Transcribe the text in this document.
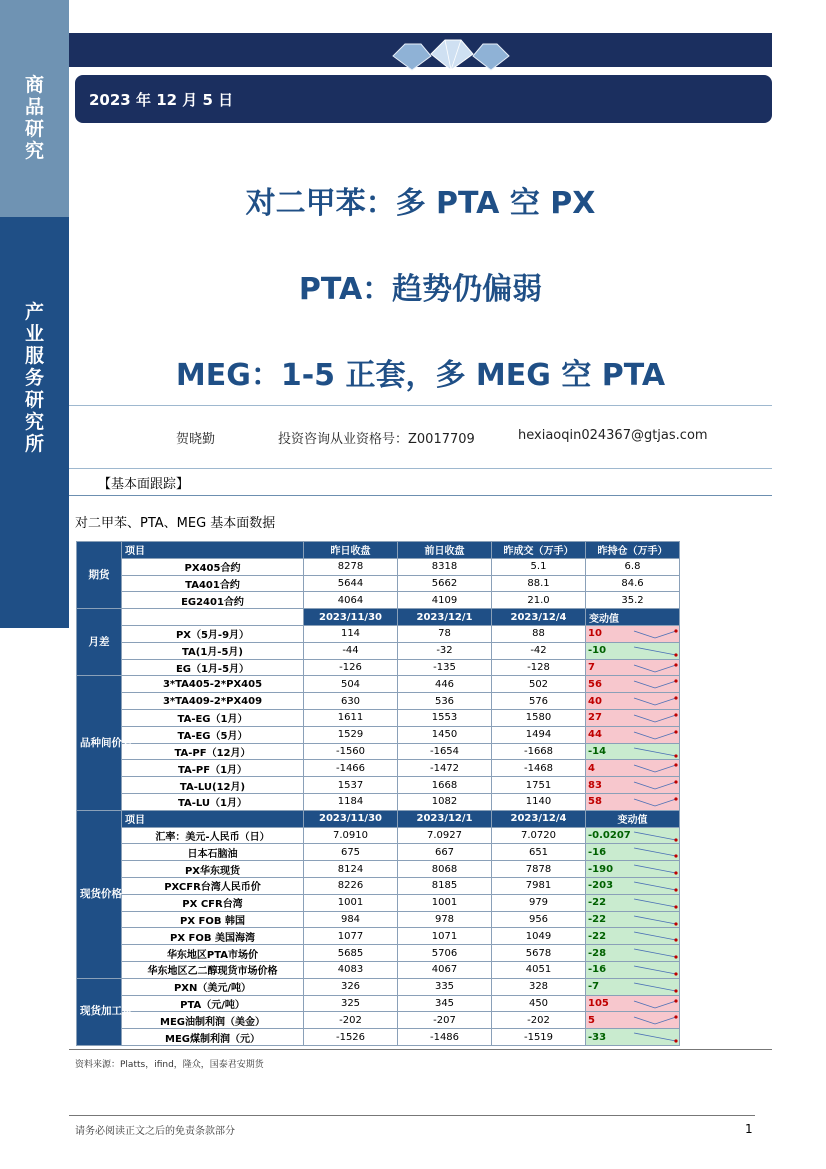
商
品
研
究
产
业
服
务
研
究
所
2023 年 12 月 5 日
对二甲苯：多 PTA 空 PX
PTA：趋势仍偏弱
MEG：1-5 正套，多 MEG 空 PTA
贺晓勤	投资咨询从业资格号：Z0017709	hexiaoqin024367@gtjas.com
【基本面跟踪】
对二甲苯、PTA、MEG 基本面数据
期货	项目	昨日收盘	前日收盘	昨成交（万手）	昨持仓（万手）
	PX405合约	8278	8318	5.1	6.8
	TA401合约	5644	5662	88.1	84.6
	EG2401合约	4064	4109	21.0	35.2
月差		2023/11/30	2023/12/1	2023/12/4	变动值
	PX（5月-9月）	114	78	88	10

	TA(1月-5月)	-44	-32	-42	-10

	EG（1月-5月）	-126	-135	-128	7

品种间价差	3*TA405-2*PX405	504	446	502	56

	3*TA409-2*PX409	630	536	576	40

	TA-EG（1月）	1611	1553	1580	27

	TA-EG（5月）	1529	1450	1494	44

	TA-PF（12月）	-1560	-1654	-1668	-14

	TA-PF（1月）	-1466	-1472	-1468	4

	TA-LU(12月)	1537	1668	1751	83

	TA-LU（1月）	1184	1082	1140	58

现货价格	项目	2023/11/30	2023/12/1	2023/12/4	变动值
	汇率：美元-人民币（日）	7.0910	7.0927	7.0720	-0.0207

	日本石脑油	675	667	651	-16

	PX华东现货	8124	8068	7878	-190

	PXCFR台湾人民币价	8226	8185	7981	-203

	PX CFR台湾	1001	1001	979	-22

	PX FOB 韩国	984	978	956	-22

	PX FOB 美国海湾	1077	1071	1049	-22

	华东地区PTA市场价	5685	5706	5678	-28

	华东地区乙二醇现货市场价格	4083	4067	4051	-16

现货加工费	PXN（美元/吨）	326	335	328	-7

	PTA（元/吨）	325	345	450	105

	MEG油制利润（美金）	-202	-207	-202	5

	MEG煤制利润（元）	-1526	-1486	-1519	-33
资料来源：Platts，ifind，隆众，国泰君安期货
请务必阅读正文之后的免责条款部分	1
